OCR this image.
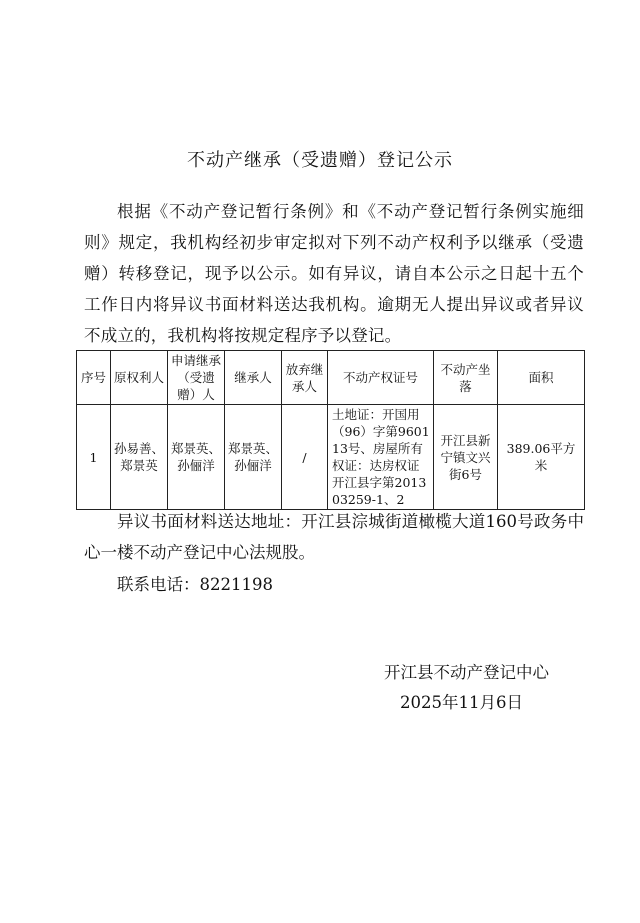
不动产继承（受遗赠）登记公示
根据《不动产登记暂行条例》和《不动产登记暂行条例实施细则》规定，我机构经初步审定拟对下列不动产权利予以继承（受遗赠）转移登记，现予以公示。如有异议，请自本公示之日起十五个工作日内将异议书面材料送达我机构。逾期无人提出异议或者异议不成立的，我机构将按规定程序予以登记。
序号	原权利人	申请继承（受遗赠）人	继承人	放弃继承人	不动产权证号	不动产坐落	面积
1	孙易善、郑景英	郑景英、孙俪洋	郑景英、孙俪洋	/	土地证：开国用（96）字第960113号、房屋所有权证：达房权证开江县字第201303259-1、2	开江县新宁镇文兴街6号	389.06平方米
异议书面材料送达地址：开江县淙城街道橄榄大道160号政务中心一楼不动产登记中心法规股。
联系电话：8221198
开江县不动产登记中心
2025年11月6日
